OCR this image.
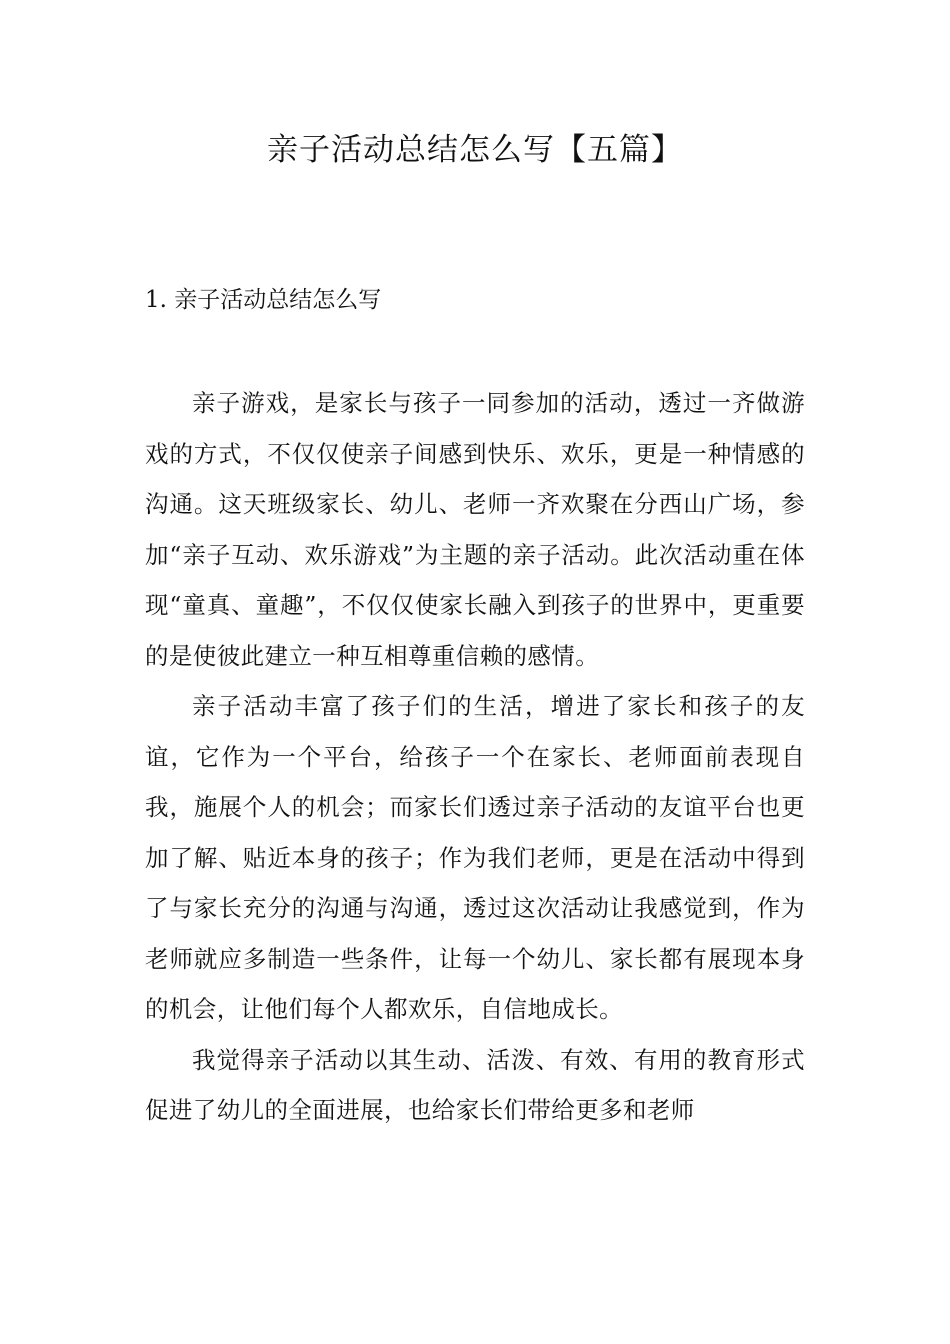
亲子活动总结怎么写【五篇】
1. 亲子活动总结怎么写

亲子游戏，是家长与孩子一同参加的活动，透过一齐做游戏的方式，不仅仅使亲子间感到快乐、欢乐，更是一种情感的沟通。这天班级家长、幼儿、老师一齐欢聚在分西山广场，参加“亲子互动、欢乐游戏”为主题的亲子活动。此次活动重在体现“童真、童趣”，不仅仅使家长融入到孩子的世界中，更重要的是使彼此建立一种互相尊重信赖的感情。

亲子活动丰富了孩子们的生活，增进了家长和孩子的友谊，它作为一个平台，给孩子一个在家长、老师面前表现自我，施展个人的机会；而家长们透过亲子活动的友谊平台也更加了解、贴近本身的孩子；作为我们老师，更是在活动中得到了与家长充分的沟通与沟通，透过这次活动让我感觉到，作为老师就应多制造一些条件，让每一个幼儿、家长都有展现本身的机会，让他们每个人都欢乐，自信地成长。

我觉得亲子活动以其生动、活泼、有效、有用的教育形式促进了幼儿的全面进展，也给家长们带给更多和老师
